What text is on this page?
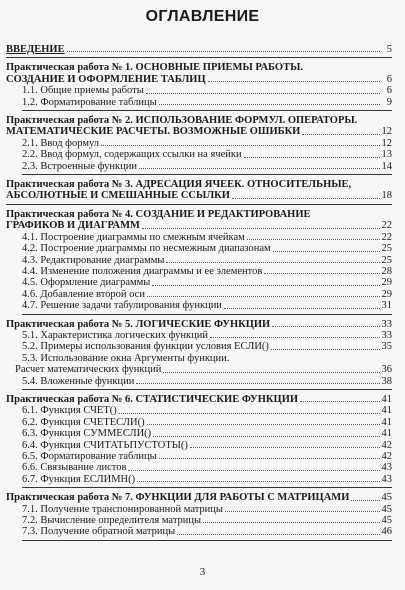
ОГЛАВЛЕНИЕ
ВВЕДЕНИЕ	5
Практическая работа № 1. ОСНОВНЫЕ ПРИЕМЫ РАБОТЫ.
СОЗДАНИЕ И ОФОРМЛЕНИЕ ТАБЛИЦ	6
1.1. Общие приемы работы	6
1.2. Форматирование таблицы	9
Практическая работа № 2. ИСПОЛЬЗОВАНИЕ ФОРМУЛ. ОПЕРАТОРЫ.
МАТЕМАТИЧЕСКИЕ РАСЧЕТЫ. ВОЗМОЖНЫЕ ОШИБКИ	12
2.1. Ввод формул	12
2.2. Ввод формул, содержащих ссылки на ячейки	13
2.3. Встроенные функции	14
Практическая работа № 3. АДРЕСАЦИЯ ЯЧЕЕК. ОТНОСИТЕЛЬНЫЕ,
АБСОЛЮТНЫЕ И СМЕШАННЫЕ ССЫЛКИ	18
Практическая работа № 4. СОЗДАНИЕ И РЕДАКТИРОВАНИЕ
ГРАФИКОВ И ДИАГРАММ	22
4.1. Построение диаграммы по смежным ячейкам	22
4.2. Построение диаграммы по несмежным диапазонам	25
4.3. Редактирование диаграммы	25
4.4. Изменение положения диаграммы и ее элементов	28
4.5. Оформление диаграммы	29
4.6. Добавление второй оси	29
4.7. Решение задачи табулирования функции	31
Практическая работа № 5. ЛОГИЧЕСКИЕ ФУНКЦИИ	33
5.1. Характеристика логических функций	33
5.2. Примеры использования функции условия ЕСЛИ()	35
5.3. Использование окна Аргументы функции.
Расчет математических функций	36
5.4. Вложенные функции	38
Практическая работа № 6. СТАТИСТИЧЕСКИЕ ФУНКЦИИ	41
6.1. Функция СЧЕТ()	41
6.2. Функция СЧЕТЕСЛИ()	41
6.3. Функция СУММЕСЛИ()	41
6.4. Функция СЧИТАТЬПУСТОТЫ()	42
6.5. Форматирование таблицы	42
6.6. Связывание листов	43
6.7. Функция ЕСЛИМН()	43
Практическая работа № 7. ФУНКЦИИ ДЛЯ РАБОТЫ С МАТРИЦАМИ	45
7.1. Получение транспонированной матрицы	45
7.2. Вычисление определителя матрицы	45
7.3. Получение обратной матрицы	46
3
